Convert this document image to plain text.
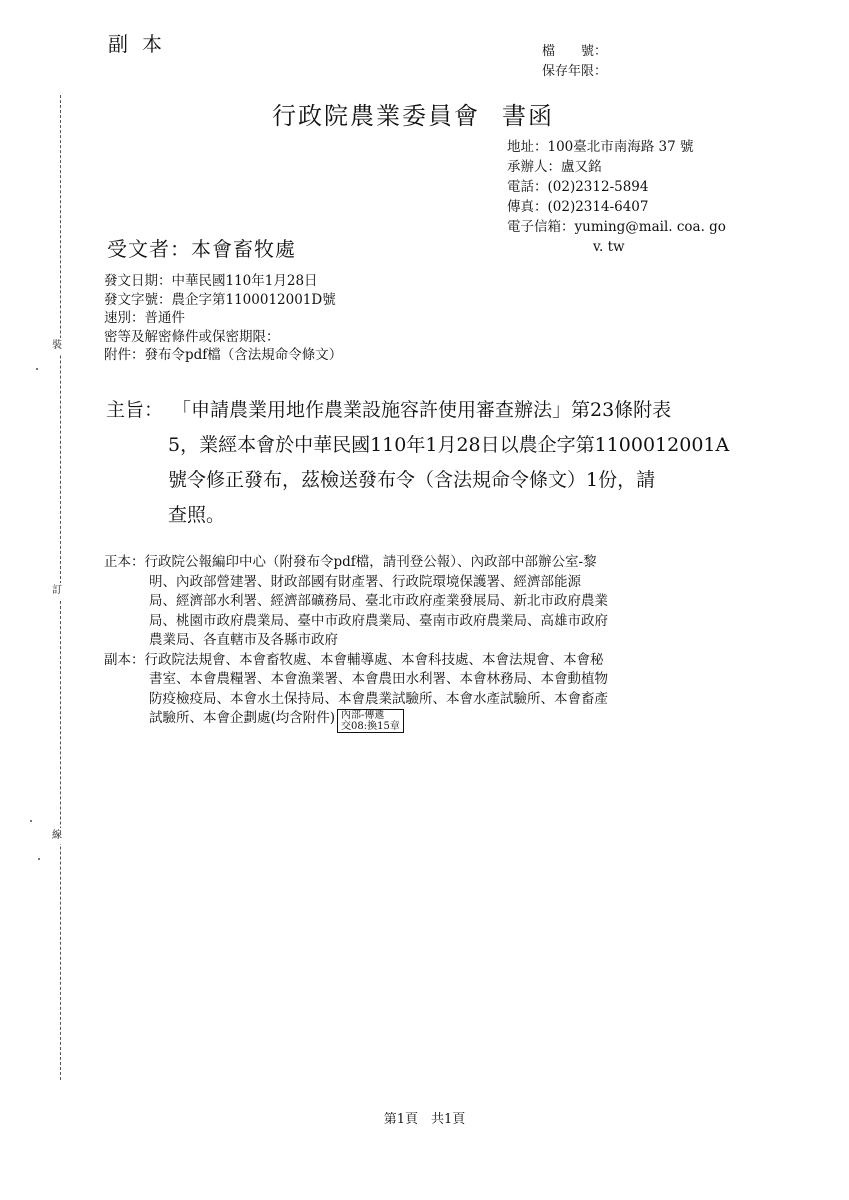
裝
訂
線
副本	檔　　號：
保存年限：
行政院農業委員會 書函
地址：100臺北市南海路 37 號
承辦人：盧又銘
電話：(02)2312-5894
傳真：(02)2314-6407
電子信箱：yuming@mail. coa. go
v. tw
受文者：本會畜牧處
發文日期：中華民國110年1月28日
發文字號：農企字第1100012001D號
速別：普通件
密等及解密條件或保密期限：
附件：發布令pdf檔（含法規命令條文）
主旨： 「申請農業用地作農業設施容許使用審查辦法」第23條附表
5，業經本會於中華民國110年1月28日以農企字第1100012001A
號令修正發布，茲檢送發布令（含法規命令條文）1份，請
查照。
正本：行政院公報編印中心（附發布令pdf檔，請刊登公報）、內政部中部辦公室-黎
明、內政部營建署、財政部國有財產署、行政院環境保護署、經濟部能源
局、經濟部水利署、經濟部礦務局、臺北市政府產業發展局、新北市政府農業
局、桃園市政府農業局、臺中市政府農業局、臺南市政府農業局、高雄市政府
農業局、各直轄市及各縣市政府
副本：行政院法規會、本會畜牧處、本會輔導處、本會科技處、本會法規會、本會秘
書室、本會農糧署、本會漁業署、本會農田水利署、本會林務局、本會動植物
防疫檢疫局、本會水土保持局、本會農業試驗所、本會水產試驗所、本會畜產
試驗所、本會企劃處(均含附件) 內部-傳遞
交08:換15章
第1頁　共1頁
